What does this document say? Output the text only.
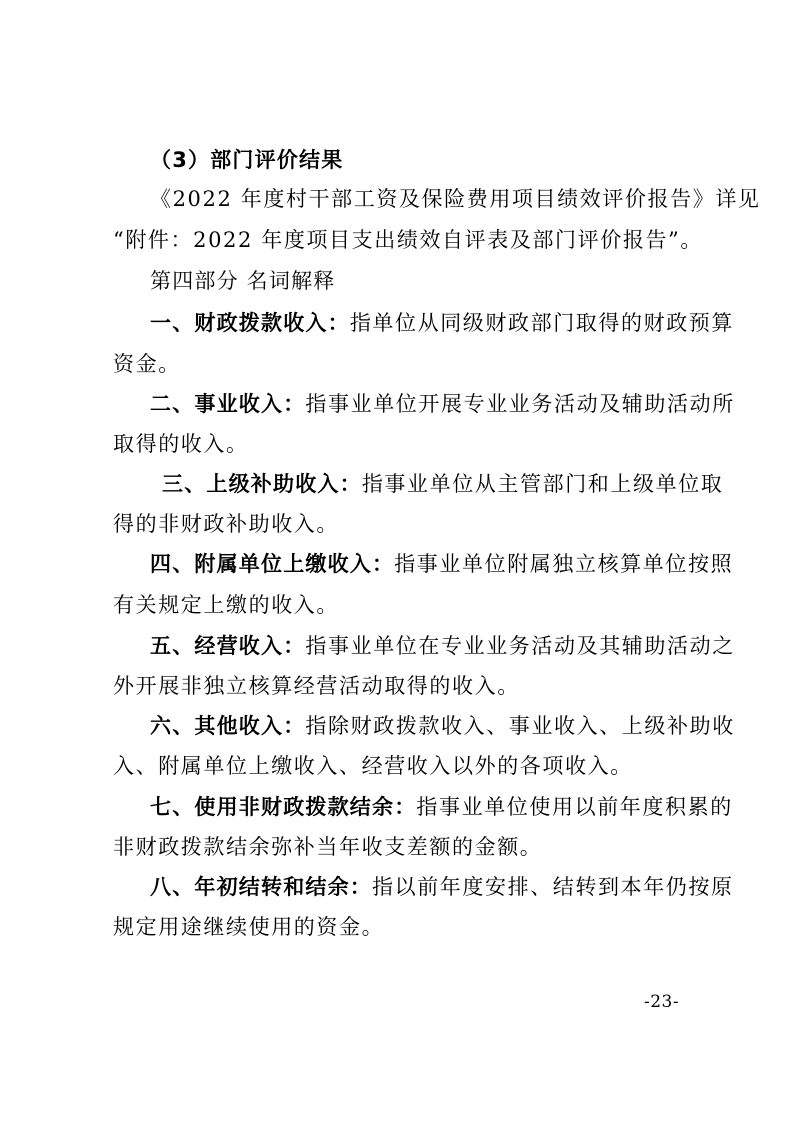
（3）部门评价结果
《2022 年度村干部工资及保险费用项目绩效评价报告》详见
“附件：2022 年度项目支出绩效自评表及部门评价报告”。
第四部分 名词解释
一、财政拨款收入：指单位从同级财政部门取得的财政预算
资金。
二、事业收入：指事业单位开展专业业务活动及辅助活动所
取得的收入。
三、上级补助收入：指事业单位从主管部门和上级单位取
得的非财政补助收入。
四、附属单位上缴收入：指事业单位附属独立核算单位按照
有关规定上缴的收入。
五、经营收入：指事业单位在专业业务活动及其辅助活动之
外开展非独立核算经营活动取得的收入。
六、其他收入：指除财政拨款收入、事业收入、上级补助收
入、附属单位上缴收入、经营收入以外的各项收入。
七、使用非财政拨款结余：指事业单位使用以前年度积累的
非财政拨款结余弥补当年收支差额的金额。
八、年初结转和结余：指以前年度安排、结转到本年仍按原
规定用途继续使用的资金。
-23-
